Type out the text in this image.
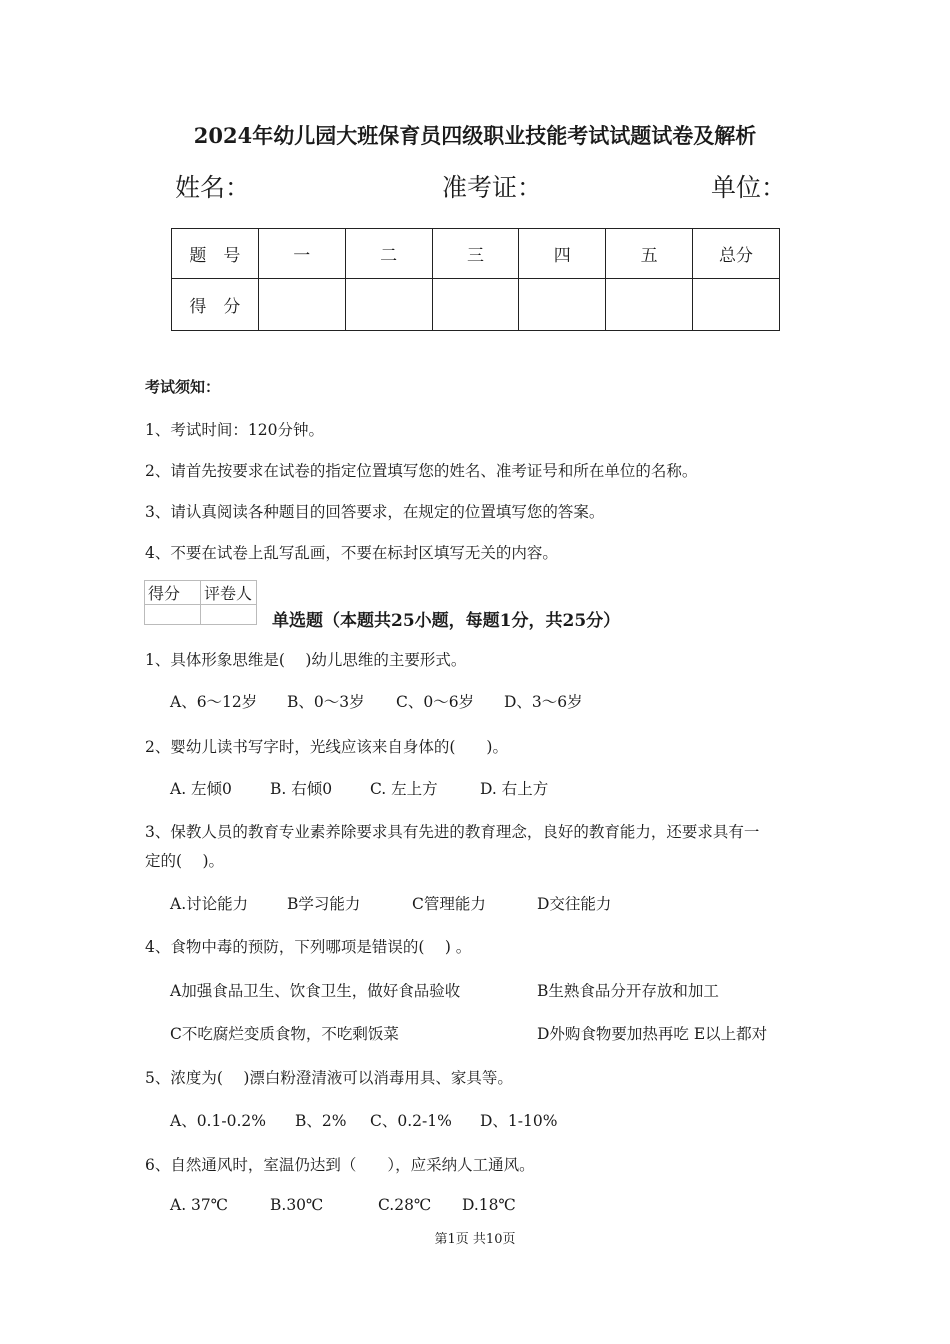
2024年幼儿园大班保育员四级职业技能考试试题试卷及解析
姓名：	准考证：	单位：
题　号	一	二	三	四	五	总分
得　分						
考试须知：
1、考试时间：120分钟。
2、请首先按要求在试卷的指定位置填写您的姓名、准考证号和所在单位的名称。
3、请认真阅读各种题目的回答要求，在规定的位置填写您的答案。
4、不要在试卷上乱写乱画，不要在标封区填写无关的内容。
得分	评卷人

单选题（本题共25小题，每题1分，共25分）
1、具体形象思维是(　 )幼儿思维的主要形式。
A、6～12岁 B、0～3岁 C、0～6岁 D、3～6岁
2、婴幼儿读书写字时，光线应该来自身体的(　　)。
A. 左倾0 B. 右倾0 C. 左上方	D. 右上方
3、保教人员的教育专业素养除要求具有先进的教育理念，良好的教育能力，还要求具有一
定的(　 )。
A.讨论能力	B学习能力	C管理能力	D交往能力
4、食物中毒的预防，下列哪项是错误的(　 ) 。
A加强食品卫生、饮食卫生，做好食品验收	B生熟食品分开存放和加工
C不吃腐烂变质食物，不吃剩饭菜	D外购食物要加热再吃 E以上都对
5、浓度为(　 )漂白粉澄清液可以消毒用具、家具等。
A、0.1-0.2% B、2% C、0.2-1% D、1-10%
6、自然通风时，室温仍达到（　　），应采纳人工通风。
A. 37℃	B.30℃	C.28℃ D.18℃
第1页 共10页
